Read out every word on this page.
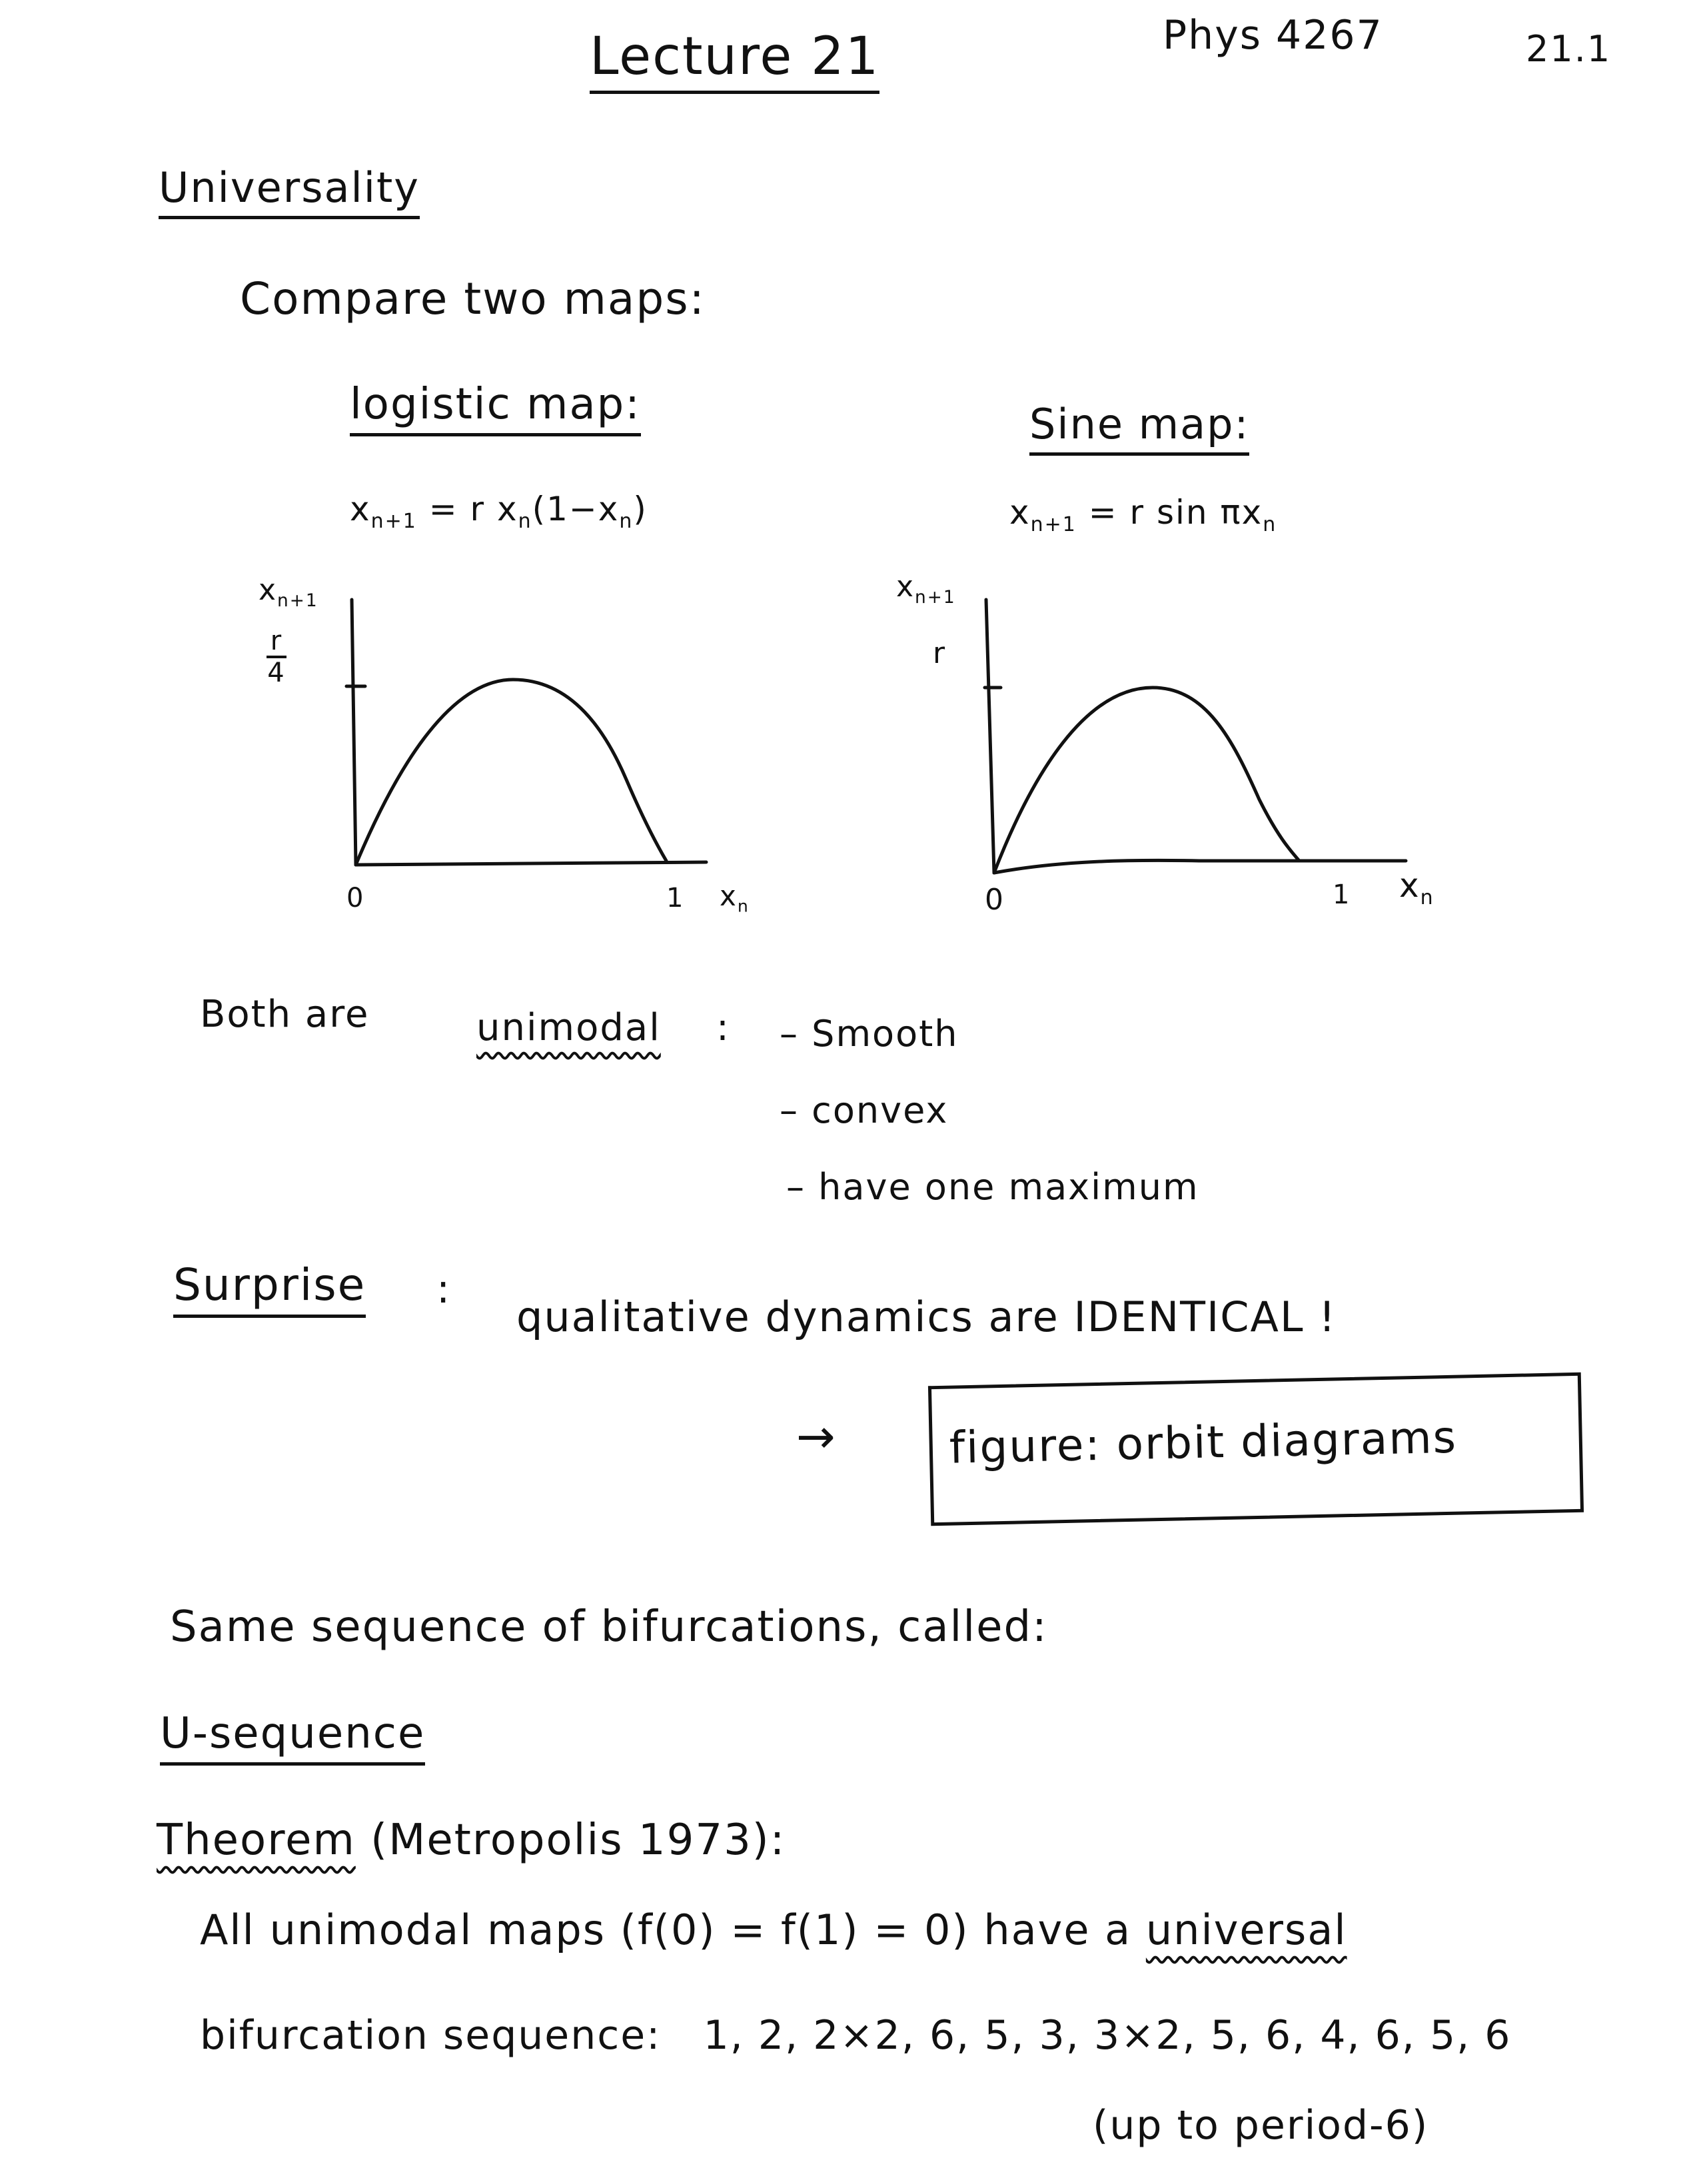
Lecture 21	Phys 4267	21.1
Universality
Compare two maps:
logistic map:
$x_{n+1} = r$ $x_n(1-x_n)$
Sine map:
$x_{n+1} = r$ $\sin \pi x_n$
$x_{n+1}$
$\frac{r}{4}$
0	1 $x_n$
$x_{n+1}$
r
0	1 $x_n$
Both are	unimodal : – Smooth
– convex
– have one maximum
Surprise :
qualitative dynamics are IDENTICAL !
→	figure: orbit diagrams
Same sequence of bifurcations, called:
U-sequence
Theorem (Metropolis 1973):
All unimodal maps (f(0) = f(1) = 0) have a universal
bifurcation sequence: 1, 2, 2×2, 6, 5, 3, 3×2, 5, 6, 4, 6, 5, 6
(up to period-6)
